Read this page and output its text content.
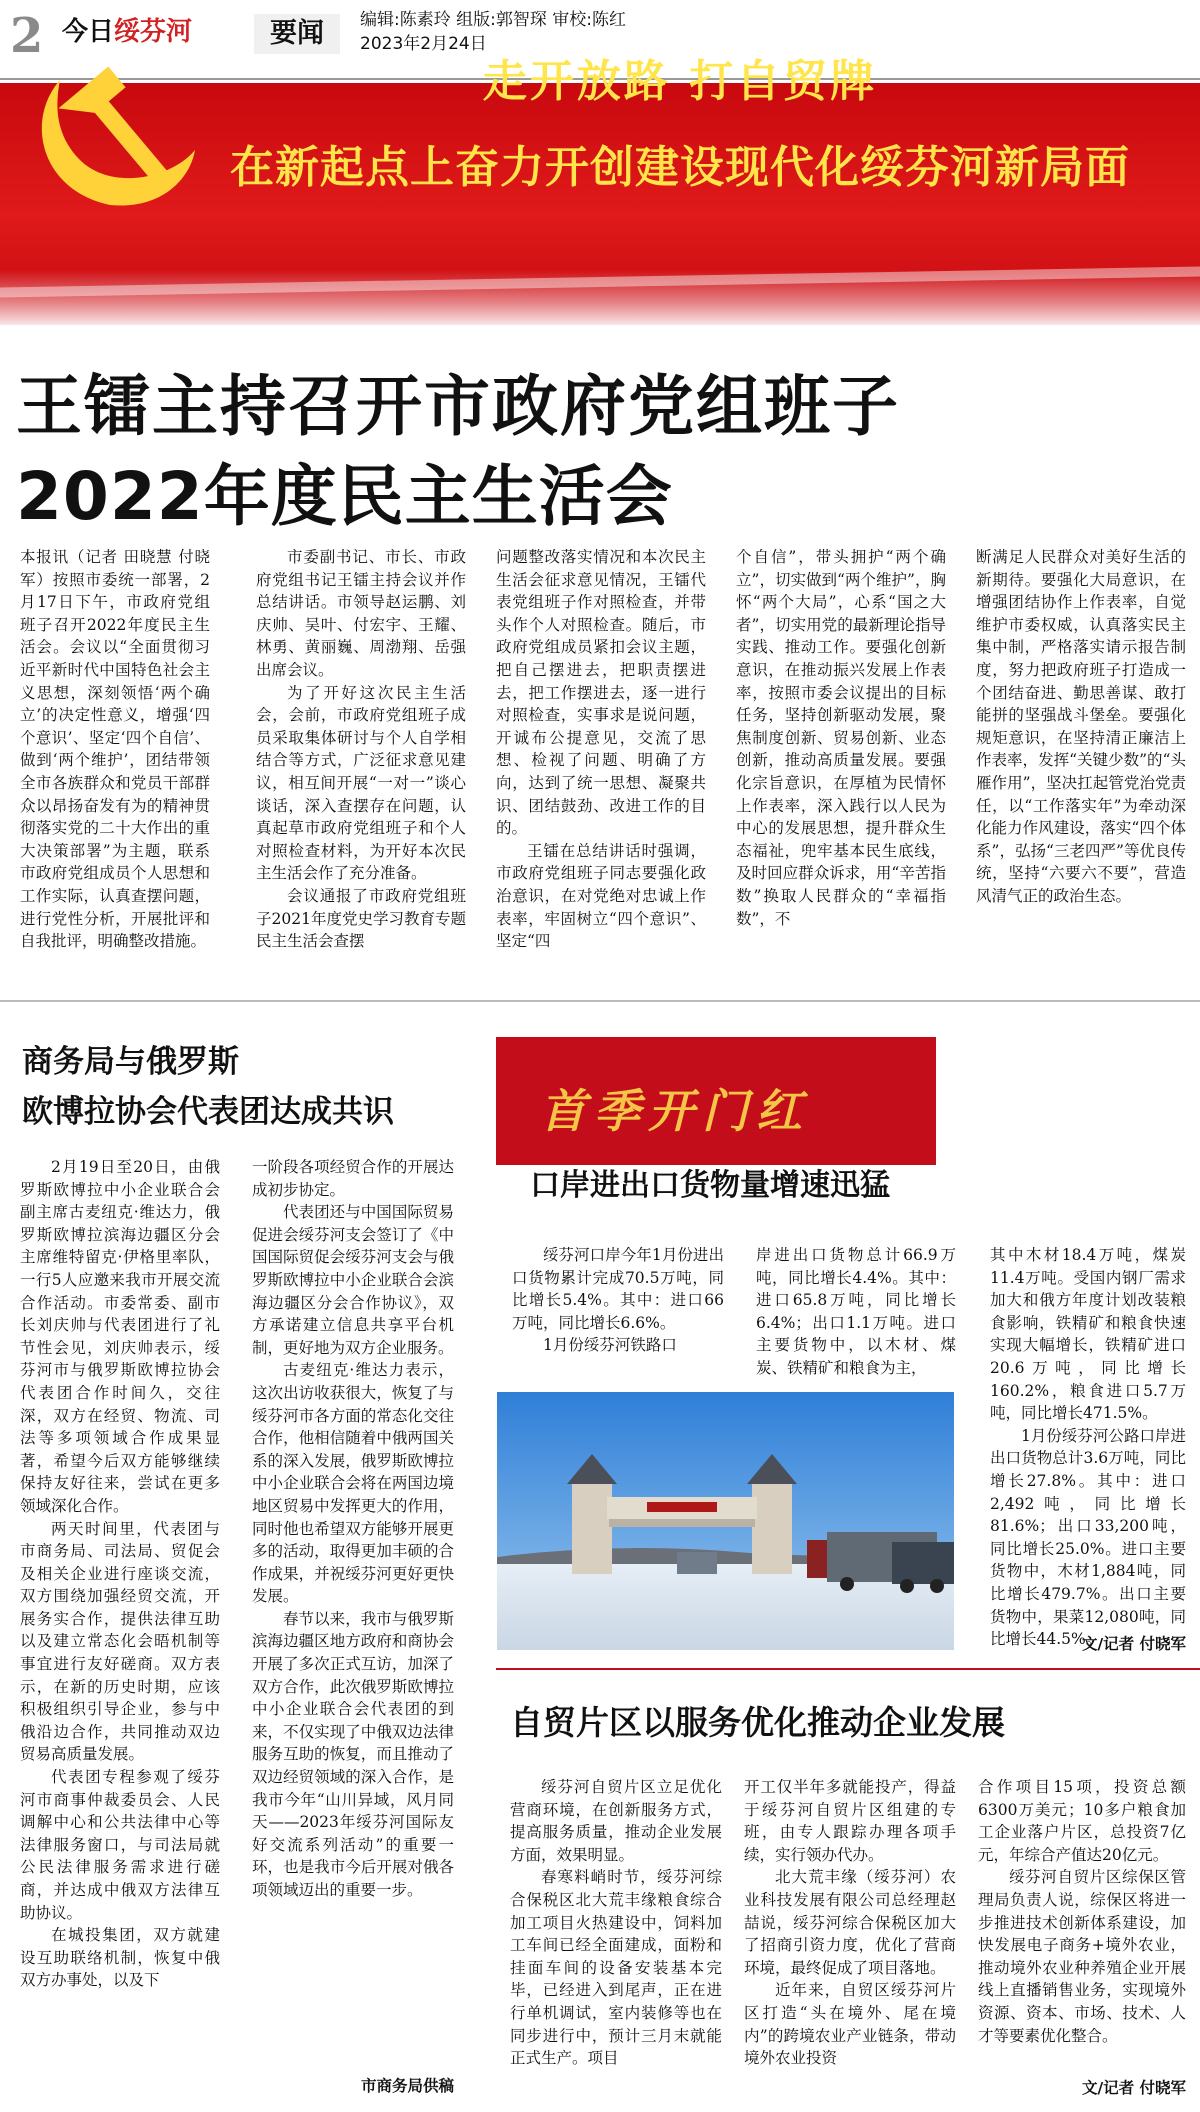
2 今日绥芬河	要闻	编辑:陈素玲 组版:郭智琛 审校:陈红
2023年2月24日
走开放路 打自贸牌
在新起点上奋力开创建设现代化绥芬河新局面
王镭主持召开市政府党组班子
2022年度民主生活会

本报讯（记者 田晓慧 付晓军）按照市委统一部署，2月17日下午，市政府党组班子召开2022年度民主生活会。会议以“全面贯彻习近平新时代中国特色社会主义思想，深刻领悟‘两个确立’的决定性意义，增强‘四个意识’、坚定‘四个自信’、做到‘两个维护’，团结带领全市各族群众和党员干部群众以昂扬奋发有为的精神贯彻落实党的二十大作出的重大决策部署”为主题，联系市政府党组成员个人思想和工作实际，认真查摆问题，进行党性分析，开展批评和自我批评，明确整改措施。

市委副书记、市长、市政府党组书记王镭主持会议并作总结讲话。市领导赵运鹏、刘庆帅、吴叶、付宏宇、王耀、林勇、黄丽巍、周渤翔、岳强出席会议。

为了开好这次民主生活会，会前，市政府党组班子成员采取集体研讨与个人自学相结合等方式，广泛征求意见建议，相互间开展“一对一”谈心谈话，深入查摆存在问题，认真起草市政府党组班子和个人对照检查材料，为开好本次民主生活会作了充分准备。

会议通报了市政府党组班子2021年度党史学习教育专题民主生活会查摆

问题整改落实情况和本次民主生活会征求意见情况，王镭代表党组班子作对照检查，并带头作个人对照检查。随后，市政府党组成员紧扣会议主题，把自己摆进去，把职责摆进去，把工作摆进去，逐一进行对照检查，实事求是说问题，开诚布公提意见，交流了思想、检视了问题、明确了方向，达到了统一思想、凝聚共识、团结鼓劲、改进工作的目的。

王镭在总结讲话时强调，市政府党组班子同志要强化政治意识，在对党绝对忠诚上作表率，牢固树立“四个意识”、坚定“四

个自信”，带头拥护“两个确立”，切实做到“两个维护”，胸怀“两个大局”，心系“国之大者”，切实用党的最新理论指导实践、推动工作。要强化创新意识，在推动振兴发展上作表率，按照市委会议提出的目标任务，坚持创新驱动发展，聚焦制度创新、贸易创新、业态创新，推动高质量发展。要强化宗旨意识，在厚植为民情怀上作表率，深入践行以人民为中心的发展思想，提升群众生态福祉，兜牢基本民生底线，及时回应群众诉求，用“辛苦指数”换取人民群众的“幸福指数”，不

断满足人民群众对美好生活的新期待。要强化大局意识，在增强团结协作上作表率，自觉维护市委权威，认真落实民主集中制，严格落实请示报告制度，努力把政府班子打造成一个团结奋进、勤思善谋、敢打能拼的坚强战斗堡垒。要强化规矩意识，在坚持清正廉洁上作表率，发挥“关键少数”的“头雁作用”，坚决扛起管党治党责任，以“工作落实年”为牵动深化能力作风建设，落实“四个体系”，弘扬“三老四严”等优良传统，坚持“六要六不要”，营造风清气正的政治生态。

商务局与俄罗斯
欧博拉协会代表团达成共识

2月19日至20日，由俄罗斯欧博拉中小企业联合会副主席古麦纽克·维达力，俄罗斯欧博拉滨海边疆区分会主席维特留克·伊格里率队，一行5人应邀来我市开展交流合作活动。市委常委、副市长刘庆帅与代表团进行了礼节性会见，刘庆帅表示，绥芬河市与俄罗斯欧博拉协会代表团合作时间久，交往深，双方在经贸、物流、司法等多项领域合作成果显著，希望今后双方能够继续保持友好往来，尝试在更多领域深化合作。

两天时间里，代表团与市商务局、司法局、贸促会及相关企业进行座谈交流，双方围绕加强经贸交流，开展务实合作，提供法律互助以及建立常态化会晤机制等事宜进行友好磋商。双方表示，在新的历史时期，应该积极组织引导企业，参与中俄沿边合作，共同推动双边贸易高质量发展。

代表团专程参观了绥芬河市商事仲裁委员会、人民调解中心和公共法律中心等法律服务窗口，与司法局就公民法律服务需求进行磋商，并达成中俄双方法律互助协议。

在城投集团，双方就建设互助联络机制，恢复中俄双方办事处，以及下

一阶段各项经贸合作的开展达成初步协定。

代表团还与中国国际贸易促进会绥芬河支会签订了《中国国际贸促会绥芬河支会与俄罗斯欧博拉中小企业联合会滨海边疆区分会合作协议》，双方承诺建立信息共享平台机制，更好地为双方企业服务。

古麦纽克·维达力表示，这次出访收获很大，恢复了与绥芬河市各方面的常态化交往合作，他相信随着中俄两国关系的深入发展，俄罗斯欧博拉中小企业联合会将在两国边境地区贸易中发挥更大的作用，同时他也希望双方能够开展更多的活动，取得更加丰硕的合作成果，并祝绥芬河更好更快发展。

春节以来，我市与俄罗斯滨海边疆区地方政府和商协会开展了多次正式互访，加深了双方合作，此次俄罗斯欧博拉中小企业联合会代表团的到来，不仅实现了中俄双边法律服务互助的恢复，而且推动了双边经贸领域的深入合作，是我市今年“山川异域，风月同天——2023年绥芬河国际友好交流系列活动”的重要一环，也是我市今后开展对俄各项领域迈出的重要一步。

市商务局供稿
首季开门红
口岸进出口货物量增速迅猛

绥芬河口岸今年1月份进出口货物累计完成70.5万吨，同比增长5.4%。其中：进口66万吨，同比增长6.6%。

1月份绥芬河铁路口

岸进出口货物总计66.9万吨，同比增长4.4%。其中：进口65.8万吨，同比增长6.4%；出口1.1万吨。进口主要货物中，以木材、煤炭、铁精矿和粮食为主，

其中木材18.4万吨，煤炭11.4万吨。受国内钢厂需求加大和俄方年度计划改装粮食影响，铁精矿和粮食快速实现大幅增长，铁精矿进口20.6万吨，同比增长160.2%，粮食进口5.7万吨，同比增长471.5%。

1月份绥芬河公路口岸进出口货物总计3.6万吨，同比增长27.8%。其中：进口2,492吨，同比增长81.6%；出口33,200吨，同比增长25.0%。进口主要货物中，木材1,884吨，同比增长479.7%。出口主要货物中，果菜12,080吨，同比增长44.5%。

文/记者 付晓军
自贸片区以服务优化推动企业发展

绥芬河自贸片区立足优化营商环境，在创新服务方式，提高服务质量，推动企业发展方面，效果明显。

春寒料峭时节，绥芬河综合保税区北大荒丰缘粮食综合加工项目火热建设中，饲料加工车间已经全面建成，面粉和挂面车间的设备安装基本完毕，已经进入到尾声，正在进行单机调试，室内装修等也在同步进行中，预计三月末就能正式生产。项目

开工仅半年多就能投产，得益于绥芬河自贸片区组建的专班，由专人跟踪办理各项手续，实行领办代办。

北大荒丰缘（绥芬河）农业科技发展有限公司总经理赵喆说，绥芬河综合保税区加大了招商引资力度，优化了营商环境，最终促成了项目落地。

近年来，自贸区绥芬河片区打造“头在境外、尾在境内”的跨境农业产业链条，带动境外农业投资

合作项目15项，投资总额6300万美元；10多户粮食加工企业落户片区，总投资7亿元，年综合产值达20亿元。

绥芬河自贸片区综保区管理局负责人说，综保区将进一步推进技术创新体系建设，加快发展电子商务+境外农业，推动境外农业种养殖企业开展线上直播销售业务，实现境外资源、资本、市场、技术、人才等要素优化整合。

文/记者 付晓军
